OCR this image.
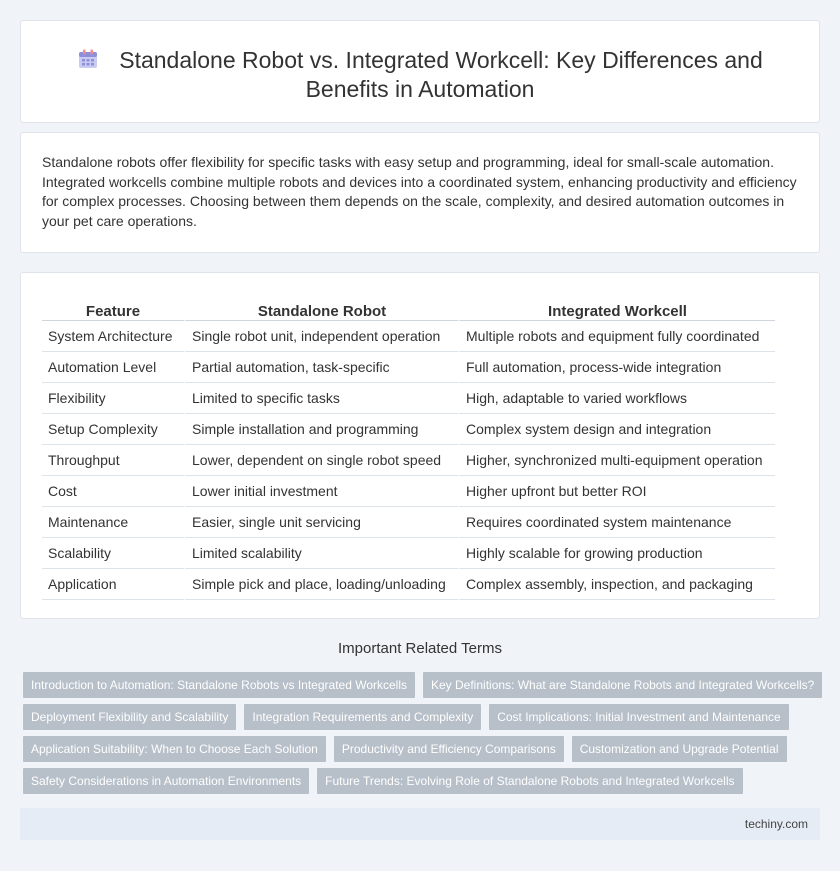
Standalone Robot vs. Integrated Workcell: Key Differences and Benefits in Automation

Standalone robots offer flexibility for specific tasks with easy setup and programming, ideal for small-scale automation. Integrated workcells combine multiple robots and devices into a coordinated system, enhancing productivity and efficiency for complex processes. Choosing between them depends on the scale, complexity, and desired automation outcomes in your pet care operations.

Feature	Standalone Robot	Integrated Workcell
System Architecture	Single robot unit, independent operation	Multiple robots and equipment fully coordinated
Automation Level	Partial automation, task-specific	Full automation, process-wide integration
Flexibility	Limited to specific tasks	High, adaptable to varied workflows
Setup Complexity	Simple installation and programming	Complex system design and integration
Throughput	Lower, dependent on single robot speed	Higher, synchronized multi-equipment operation
Cost	Lower initial investment	Higher upfront but better ROI
Maintenance	Easier, single unit servicing	Requires coordinated system maintenance
Scalability	Limited scalability	Highly scalable for growing production
Application	Simple pick and place, loading/unloading	Complex assembly, inspection, and packaging
Important Related Terms
Introduction to Automation: Standalone Robots vs Integrated Workcells	Key Definitions: What are Standalone Robots and Integrated Workcells?
Deployment Flexibility and Scalability	Integration Requirements and Complexity	Cost Implications: Initial Investment and Maintenance
Application Suitability: When to Choose Each Solution	Productivity and Efficiency Comparisons	Customization and Upgrade Potential
Safety Considerations in Automation Environments	Future Trends: Evolving Role of Standalone Robots and Integrated Workcells
techiny.com
